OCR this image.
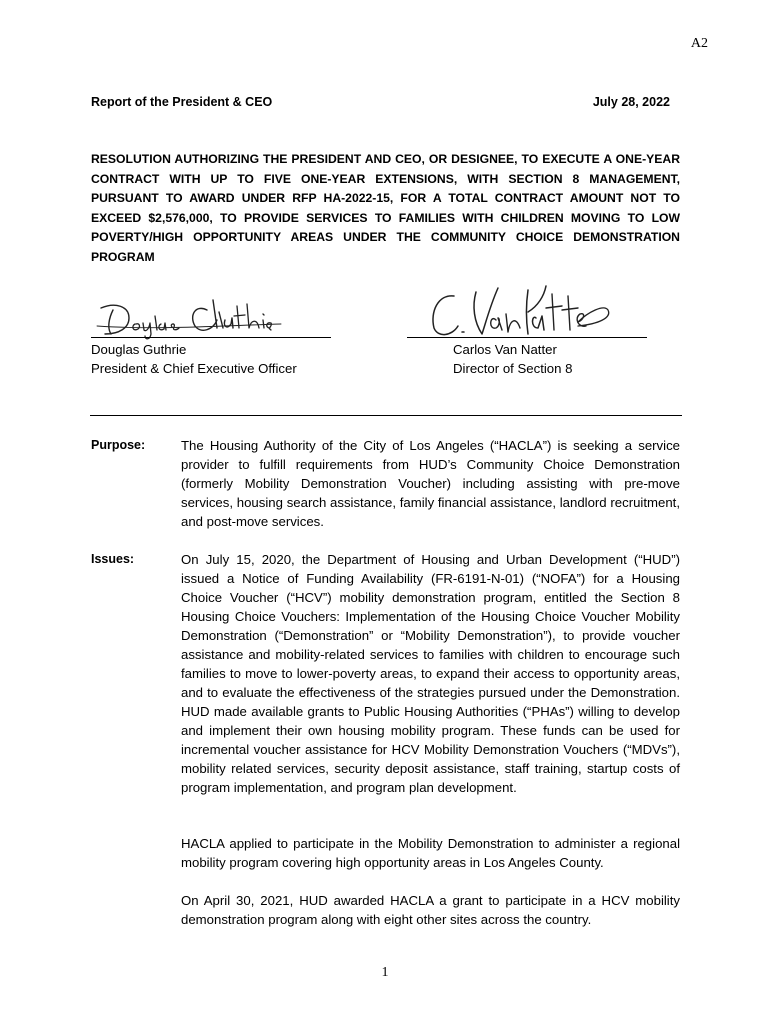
A2
Report of the President & CEO	July 28, 2022
RESOLUTION AUTHORIZING THE PRESIDENT AND CEO, OR DESIGNEE, TO EXECUTE A ONE-YEAR CONTRACT WITH UP TO FIVE ONE-YEAR EXTENSIONS, WITH SECTION 8 MANAGEMENT, PURSUANT TO AWARD UNDER RFP HA-2022-15, FOR A TOTAL CONTRACT AMOUNT NOT TO EXCEED $2,576,000, TO PROVIDE SERVICES TO FAMILIES WITH CHILDREN MOVING TO LOW POVERTY/HIGH OPPORTUNITY AREAS UNDER THE COMMUNITY CHOICE DEMONSTRATION PROGRAM
Douglas Guthrie
President & Chief Executive Officer
Carlos Van Natter
Director of Section 8
Purpose:	The Housing Authority of the City of Los Angeles (“HACLA”) is seeking a service provider to fulfill requirements from HUD’s Community Choice Demonstration (formerly Mobility Demonstration Voucher) including assisting with pre-move services, housing search assistance, family financial assistance, landlord recruitment, and post-move services.

Issues:	On July 15, 2020, the Department of Housing and Urban Development (“HUD”) issued a Notice of Funding Availability (FR-6191-N-01) (“NOFA”) for a Housing Choice Voucher (“HCV”) mobility demonstration program, entitled the Section 8 Housing Choice Vouchers: Implementation of the Housing Choice Voucher Mobility Demonstration (“Demonstration” or “Mobility Demonstration”), to provide voucher assistance and mobility-related services to families with children to encourage such families to move to lower-poverty areas, to expand their access to opportunity areas, and to evaluate the effectiveness of the strategies pursued under the Demonstration. HUD made available grants to Public Housing Authorities (“PHAs”) willing to develop and implement their own housing mobility program. These funds can be used for incremental voucher assistance for HCV Mobility Demonstration Vouchers (“MDVs”), mobility related services, security deposit assistance, staff training, startup costs of program implementation, and program plan development.

HACLA applied to participate in the Mobility Demonstration to administer a regional mobility program covering high opportunity areas in Los Angeles County.

On April 30, 2021, HUD awarded HACLA a grant to participate in a HCV mobility demonstration program along with eight other sites across the country.

1
